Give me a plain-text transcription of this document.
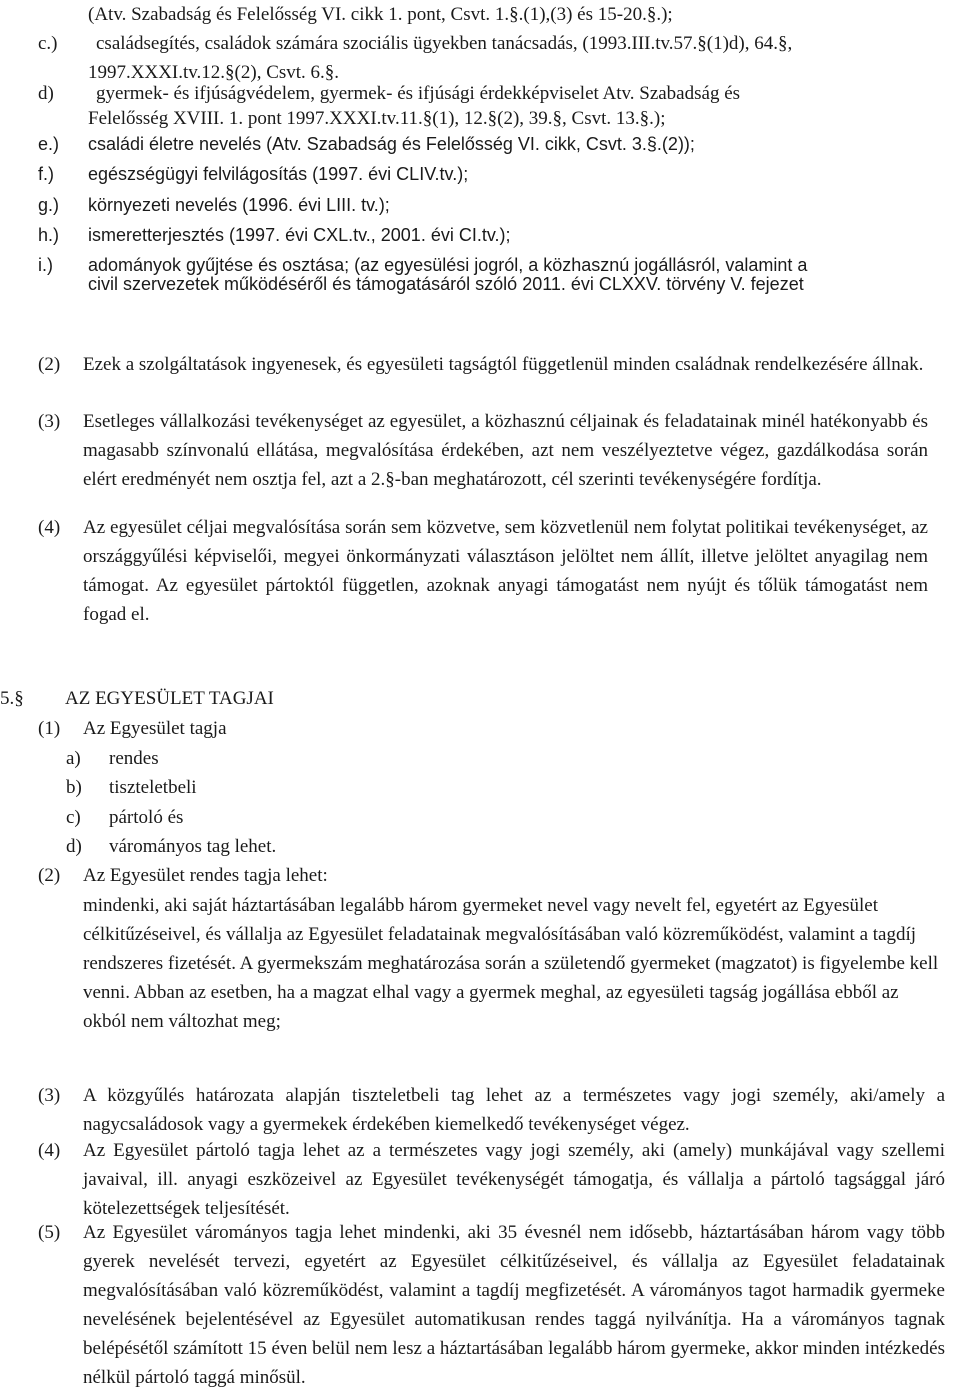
(Atv. Szabadság és Felelősség VI. cikk 1. pont, Csvt. 1.§.(1),(3) és 15-20.§.);
c.) családsegítés, családok számára szociális ügyekben tanácsadás, (1993.III.tv.57.§(1)d), 64.§,
1997.XXXI.tv.12.§(2), Csvt. 6.§.
d) gyermek- és ifjúságvédelem, gyermek- és ifjúsági érdekképviselet Atv. Szabadság és
Felelősség XVIII. 1. pont 1997.XXXI.tv.11.§(1), 12.§(2), 39.§, Csvt. 13.§.);
e.) családi életre nevelés (Atv. Szabadság és Felelősség VI. cikk, Csvt. 3.§.(2));
f.) egészségügyi felvilágosítás (1997. évi CLIV.tv.);
g.) környezeti nevelés (1996. évi LIII. tv.);
h.) ismeretterjesztés (1997. évi CXL.tv., 2001. évi CI.tv.);
i.) adományok gyűjtése és osztása; (az egyesülési jogról, a közhasznú jogállásról, valamint a
civil szervezetek működéséről és támogatásáról szóló 2011. évi CLXXV. törvény V. fejezet
(2) Ezek a szolgáltatások ingyenesek, és egyesületi tagságtól függetlenül minden családnak rendelkezésére állnak.
(3) Esetleges vállalkozási tevékenységet az egyesület, a közhasznú céljainak és feladatainak minél hatékonyabb és magasabb színvonalú ellátása, megvalósítása érdekében, azt nem veszélyeztetve végez, gazdálkodása során elért eredményét nem osztja fel, azt a 2.§-ban meghatározott, cél szerinti tevékenységére fordítja.
(4) Az egyesület céljai megvalósítása során sem közvetve, sem közvetlenül nem folytat politikai tevékenységet, az országgyűlési képviselői, megyei önkormányzati választáson jelöltet nem állít, illetve jelöltet anyagilag nem támogat. Az egyesület pártoktól független, azoknak anyagi támogatást nem nyújt és tőlük támogatást nem fogad el.
5.§ AZ EGYESÜLET TAGJAI
(1) Az Egyesület tagja
a) rendes
b) tiszteletbeli
c) pártoló és
d) várományos tag lehet.
(2) Az Egyesület rendes tagja lehet:
mindenki, aki saját háztartásában legalább három gyermeket nevel vagy nevelt fel, egyetért az Egyesület célkitűzéseivel, és vállalja az Egyesület feladatainak megvalósításában való közreműködést, valamint a tagdíj rendszeres fizetését. A gyermekszám meghatározása során a születendő gyermeket (magzatot) is figyelembe kell venni. Abban az esetben, ha a magzat elhal vagy a gyermek meghal, az egyesületi tagság jogállása ebből az okból nem változhat meg;
(3) A közgyűlés határozata alapján tiszteletbeli tag lehet az a természetes vagy jogi személy, aki/amely a nagycsaládosok vagy a gyermekek érdekében kiemelkedő tevékenységet végez.
(4) Az Egyesület pártoló tagja lehet az a természetes vagy jogi személy, aki (amely) munkájával vagy szellemi javaival, ill. anyagi eszközeivel az Egyesület tevékenységét támogatja, és vállalja a pártoló tagsággal járó kötelezettségek teljesítését.
(5) Az Egyesület várományos tagja lehet mindenki, aki 35 évesnél nem idősebb, háztartásában három vagy több gyerek nevelését tervezi, egyetért az Egyesület célkitűzéseivel, és vállalja az Egyesület feladatainak megvalósításában való közreműködést, valamint a tagdíj megfizetését. A várományos tagot harmadik gyermeke nevelésének bejelentésével az Egyesület automatikusan rendes taggá nyilvánítja. Ha a várományos tagnak belépésétől számított 15 éven belül nem lesz a háztartásában legalább három gyermeke, akkor minden intézkedés nélkül pártoló taggá minősül.
